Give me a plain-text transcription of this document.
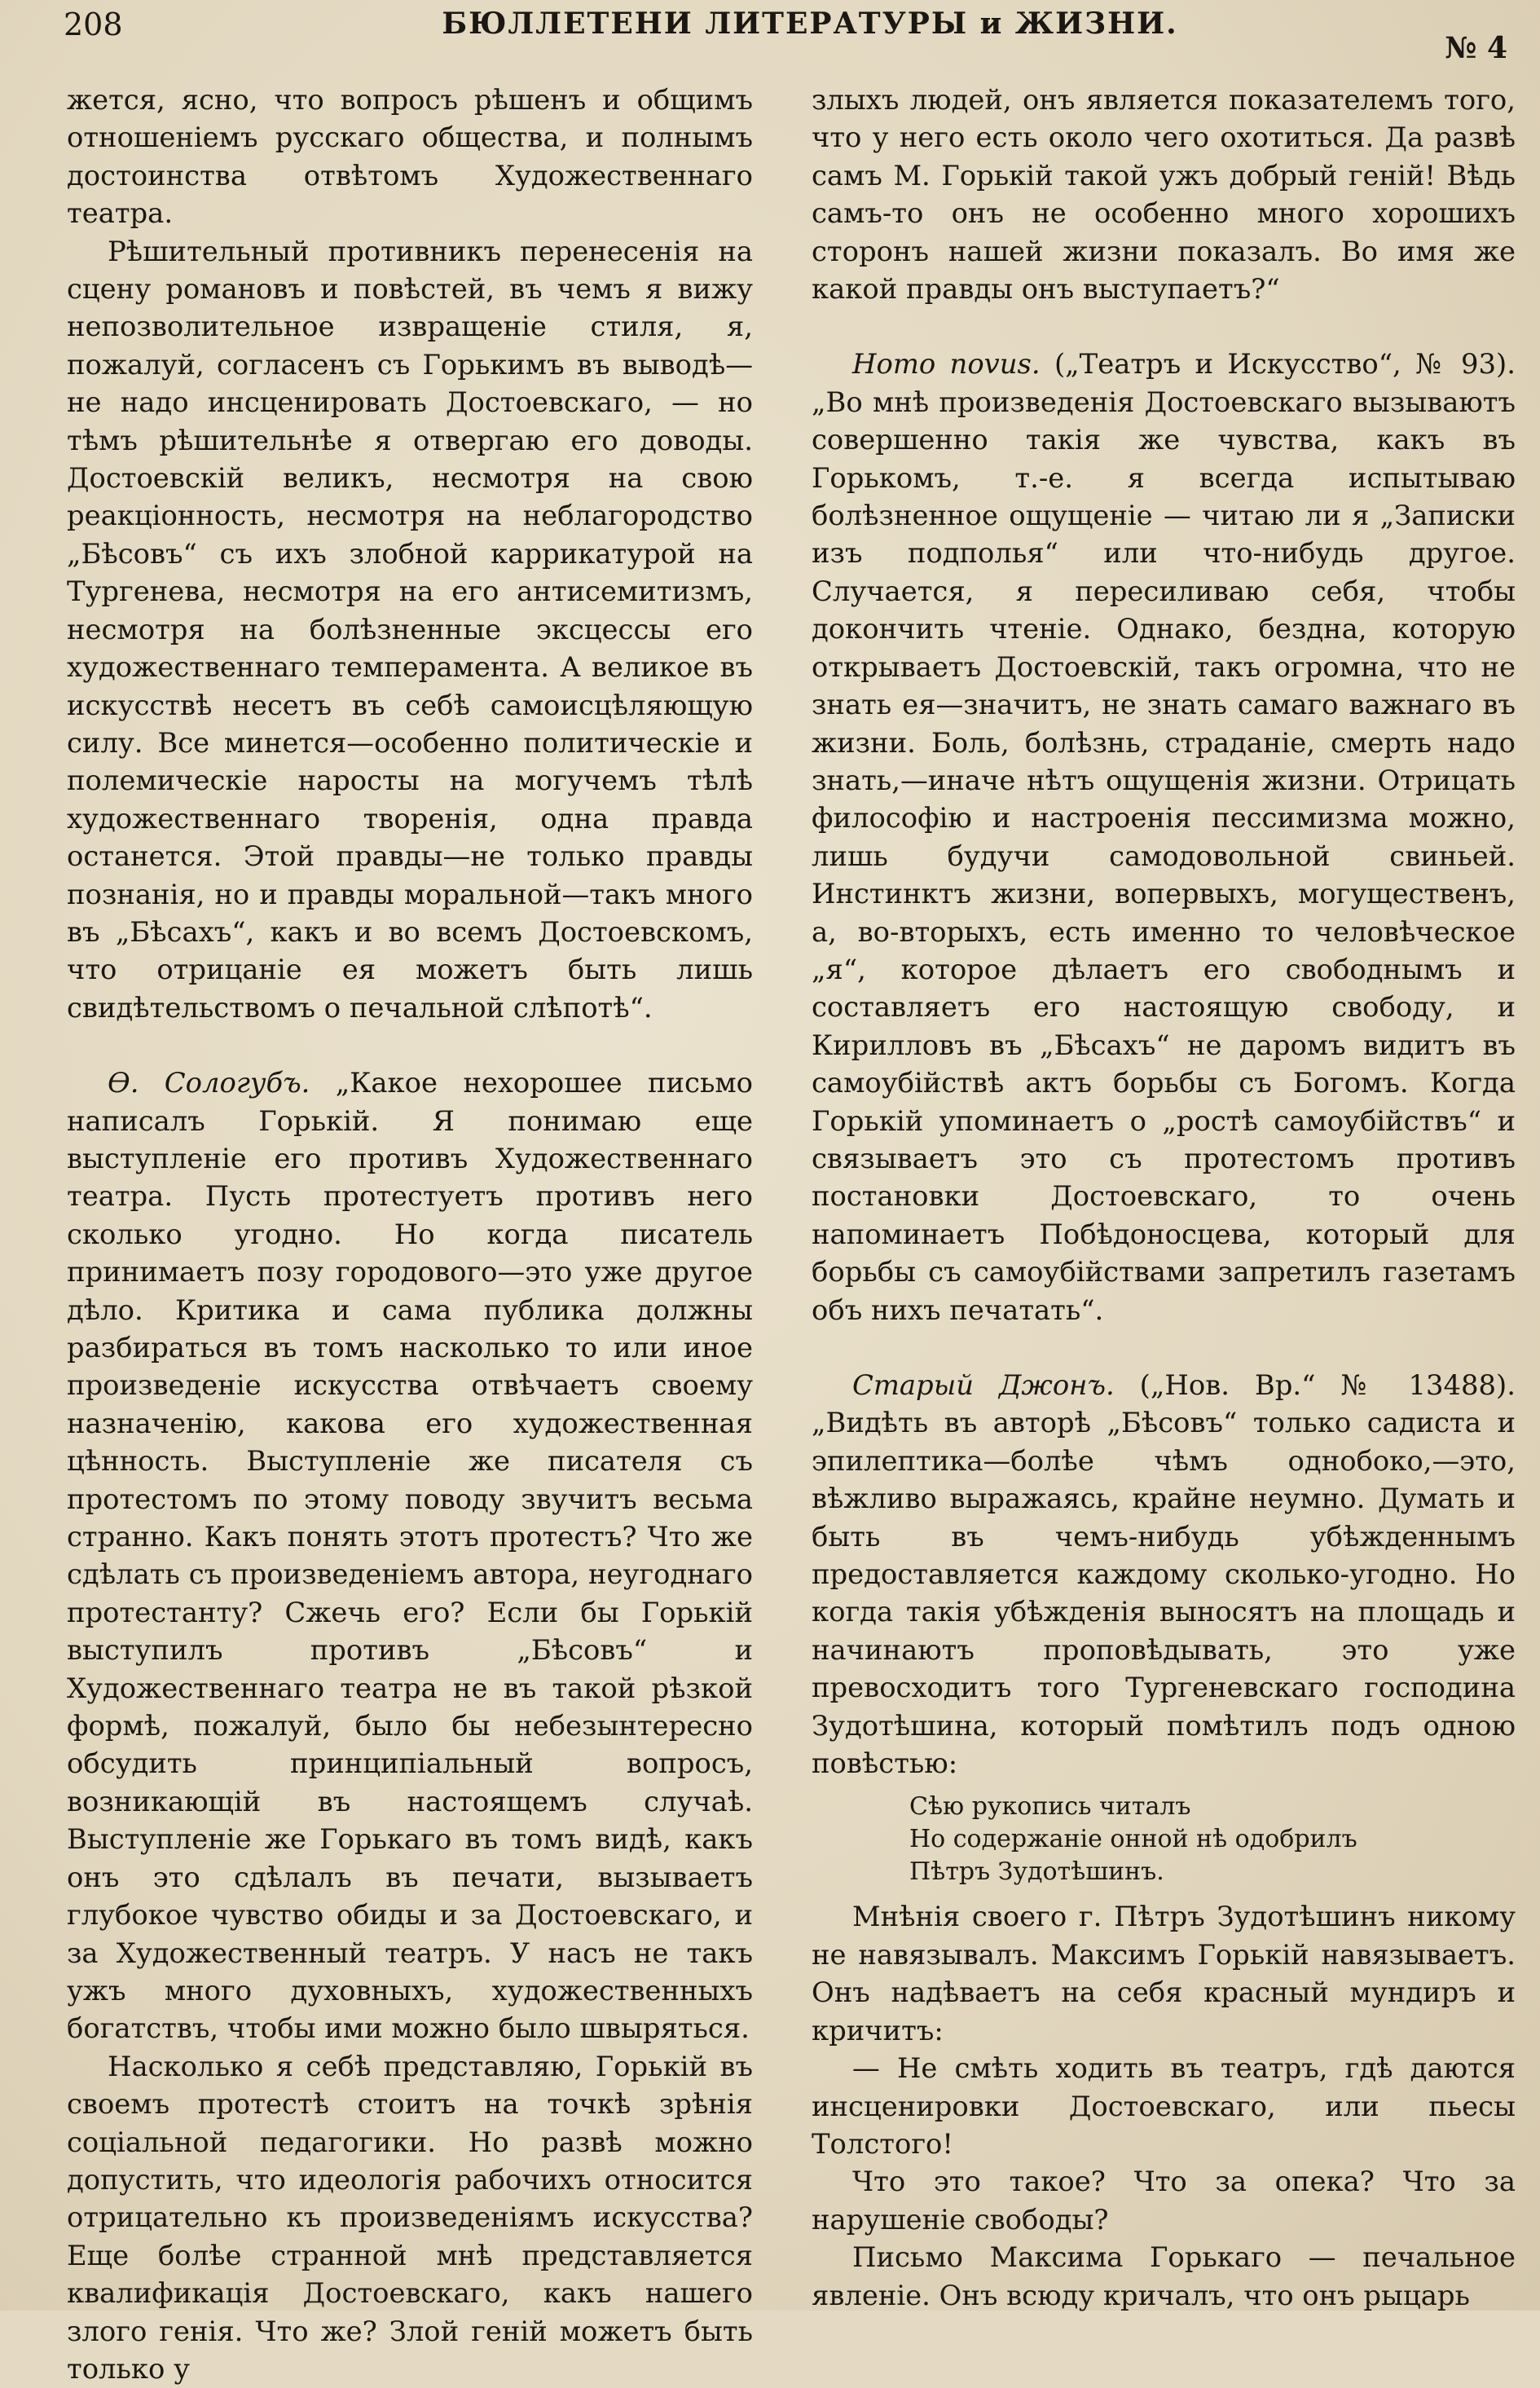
208	БЮЛЛЕТЕНИ ЛИТЕРАТУРЫ и ЖИЗНИ.
№ 4

жется, ясно, что вопросъ рѣшенъ и общимъ отношеніемъ русскаго общества, и полнымъ достоинства отвѣтомъ Художественнаго театра.

Рѣшительный противникъ перенесенія на сцену романовъ и повѣстей, въ чемъ я вижу непозволительное извращеніе стиля, я, пожалуй, согласенъ съ Горькимъ въ выводѣ—не надо инсценировать Достоевскаго, — но тѣмъ рѣшительнѣе я отвергаю его доводы. Достоевскій великъ, несмотря на свою реакціонность, несмотря на неблагородство „Бѣсовъ“ съ ихъ злобной каррикатурой на Тургенева, несмотря на его антисемитизмъ, несмотря на болѣзненные эксцессы его художественнаго темперамента. А великое въ искусствѣ несетъ въ себѣ самоисцѣляющую силу. Все минется—особенно политическіе и полемическіе наросты на могучемъ тѣлѣ художественнаго творенія, одна правда останется. Этой правды—не только правды познанія, но и правды моральной—такъ много въ „Бѣсахъ“, какъ и во всемъ Достоевскомъ, что отрицаніе ея можетъ быть лишь свидѣтельствомъ о печальной слѣпотѣ“.

Ѳ. Сологубъ. „Какое нехорошее письмо написалъ Горькій. Я понимаю еще выступленіе его противъ Художественнаго театра. Пусть протестуетъ противъ него сколько угодно. Но когда писатель принимаетъ позу городового—это уже другое дѣло. Критика и сама публика должны разбираться въ томъ насколько то или иное произведеніе искусства отвѣчаетъ своему назначенію, какова его художественная цѣнность. Выступленіе же писателя съ протестомъ по этому поводу звучитъ весьма странно. Какъ понять этотъ протестъ? Что же сдѣлать съ произведеніемъ автора, неугоднаго протестанту? Сжечь его? Если бы Горькій выступилъ противъ „Бѣсовъ“ и Художественнаго театра не въ такой рѣзкой формѣ, пожалуй, было бы небезынтересно обсудить принципіальный вопросъ, возникающій въ настоящемъ случаѣ. Выступленіе же Горькаго въ томъ видѣ, какъ онъ это сдѣлалъ въ печати, вызываетъ глубокое чувство обиды и за Достоевскаго, и за Художественный театръ. У насъ не такъ ужъ много духовныхъ, художественныхъ богатствъ, чтобы ими можно было швыряться.

Насколько я себѣ представляю, Горькій въ своемъ протестѣ стоитъ на точкѣ зрѣнія соціальной педагогики. Но развѣ можно допустить, что идеологія рабочихъ относится отрицательно къ произведеніямъ искусства? Еще болѣе странной мнѣ представляется квалификація Достоевскаго, какъ нашего злого генія. Что же? Злой геній можетъ быть только у

злыхъ людей, онъ является показателемъ того, что у него есть около чего охотиться. Да развѣ самъ М. Горькій такой ужъ добрый геній! Вѣдь самъ-то онъ не особенно много хорошихъ сторонъ нашей жизни показалъ. Во имя же какой правды онъ выступаетъ?“

Homo novus. („Театръ и Искусство“, № 93). „Во мнѣ произведенія Достоевскаго вызываютъ совершенно такія же чувства, какъ въ Горькомъ, т.-е. я всегда испытываю болѣзненное ощущеніе — читаю ли я „Записки изъ подполья“ или что-нибудь другое. Случается, я пересиливаю себя, чтобы докончить чтеніе. Однако, бездна, которую открываетъ Достоевскій, такъ огромна, что не знать ея—значитъ, не знать самаго важнаго въ жизни. Боль, болѣзнь, страданіе, смерть надо знать,—иначе нѣтъ ощущенія жизни. Отрицать философію и настроенія пессимизма можно, лишь будучи самодовольной свиньей. Инстинктъ жизни, вопервыхъ, могущественъ, а, во-вторыхъ, есть именно то человѣческое „я“, которое дѣлаетъ его свободнымъ и составляетъ его настоящую свободу, и Кирилловъ въ „Бѣсахъ“ не даромъ видитъ въ самоубійствѣ актъ борьбы съ Богомъ. Когда Горькій упоминаетъ о „ростѣ самоубійствъ“ и связываетъ это съ протестомъ противъ постановки Достоевскаго, то очень напоминаетъ Побѣдоносцева, который для борьбы съ самоубійствами запретилъ газетамъ объ нихъ печатать“.

Старый Джонъ. („Нов. Вр.“ № 13488). „Видѣть въ авторѣ „Бѣсовъ“ только садиста и эпилептика—болѣе чѣмъ однобоко,—это, вѣжливо выражаясь, крайне неумно. Думать и быть въ чемъ-нибудь убѣжденнымъ предоставляется каждому сколько-угодно. Но когда такія убѣжденія выносятъ на площадь и начинаютъ проповѣдывать, это уже превосходитъ того Тургеневскаго господина Зудотѣшина, который помѣтилъ подъ одною повѣстью:

Сѣю рукопись читалъ
Но содержаніе онной нѣ одобрилъ
Пѣтръ Зудотѣшинъ.

Мнѣнія своего г. Пѣтръ Зудотѣшинъ никому не навязывалъ. Максимъ Горькій навязываетъ. Онъ надѣваетъ на себя красный мундиръ и кричитъ:

— Не смѣть ходить въ театръ, гдѣ даются инсценировки Достоевскаго, или пьесы Толстого!

Что это такое? Что за опека? Что за нарушеніе свободы?

Письмо Максима Горькаго — печальное явленіе. Онъ всюду кричалъ, что онъ рыцарь
